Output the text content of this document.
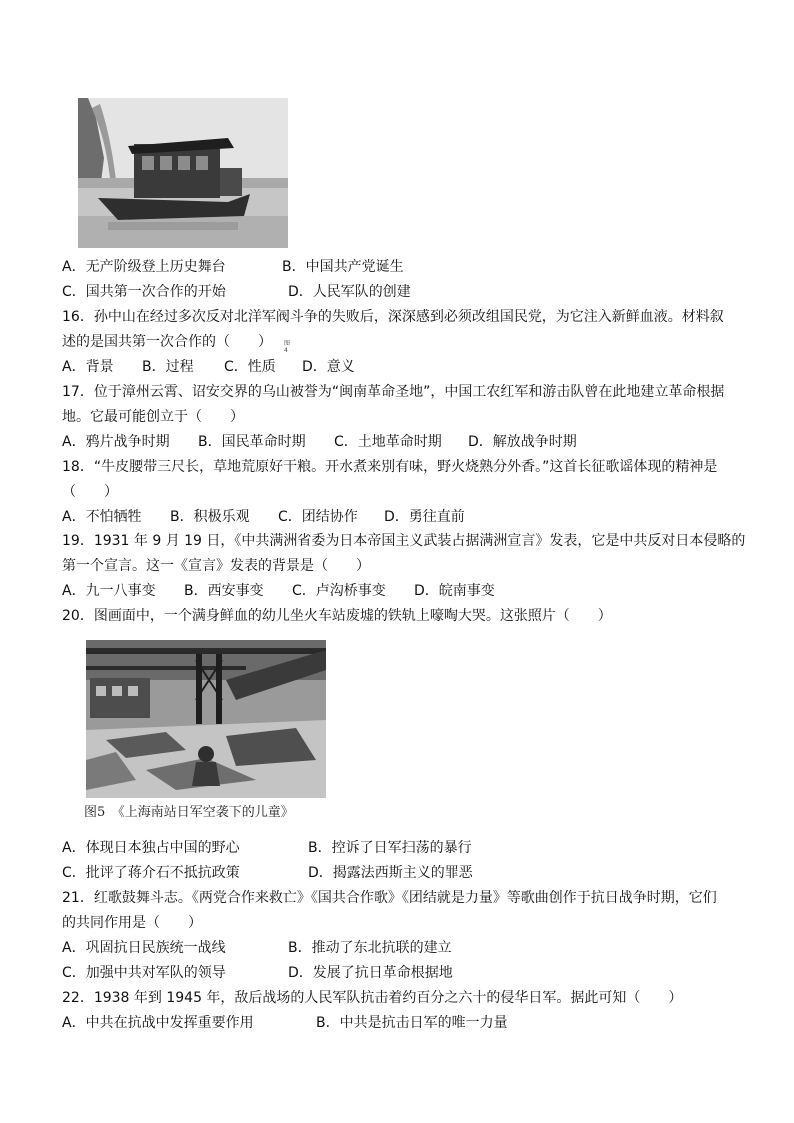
图4
A．无产阶级登上历史舞台	B．中国共产党诞生
C．国共第一次合作的开始	D．人民军队的创建
16．孙中山在经过多次反对北洋军阀斗争的失败后，深深感到必须改组国民党，为它注入新鲜血液。材料叙
述的是国共第一次合作的（　　）
A．背景 B．过程 C．性质 D．意义
17．位于漳州云霄、诏安交界的乌山被誉为“闽南革命圣地”，中国工农红军和游击队曾在此地建立革命根据
地。它最可能创立于（　　）
A．鸦片战争时期 B．国民革命时期 C．土地革命时期 D．解放战争时期
18．“牛皮腰带三尺长，草地荒原好干粮。开水煮来別有味，野火烧熟分外香。”这首长征歌谣体现的精神是
（　　）
A．不怕牺牲 B．积极乐观 C．团结协作 D．勇往直前
19．1931 年 9 月 19 日，《中共满洲省委为日本帝国主义武装占据满洲宣言》发表，它是中共反对日本侵略的
第一个宣言。这一《宣言》发表的背景是（　　）
A．九一八事变 B．西安事变 C．卢沟桥事变 D．皖南事变
20．图画面中，一个满身鲜血的幼儿坐火车站废墟的铁轨上嚎啕大哭。这张照片（　　）
图5　《上海南站日军空袭下的儿童》
A．体现日本独占中国的野心	B．控诉了日军扫荡的暴行
C．批评了蒋介石不抵抗政策	D．揭露法西斯主义的罪恶
21．红歌鼓舞斗志。《两党合作来救亡》《国共合作歌》《团结就是力量》等歌曲创作于抗日战争时期，它们
的共同作用是（　　）
A．巩固抗日民族统一战线	B．推动了东北抗联的建立
C．加强中共对军队的领导	D．发展了抗日革命根据地
22．1938 年到 1945 年，敌后战场的人民军队抗击着约百分之六十的侵华日军。据此可知（　　）
A．中共在抗战中发挥重要作用	B．中共是抗击日军的唯一力量
